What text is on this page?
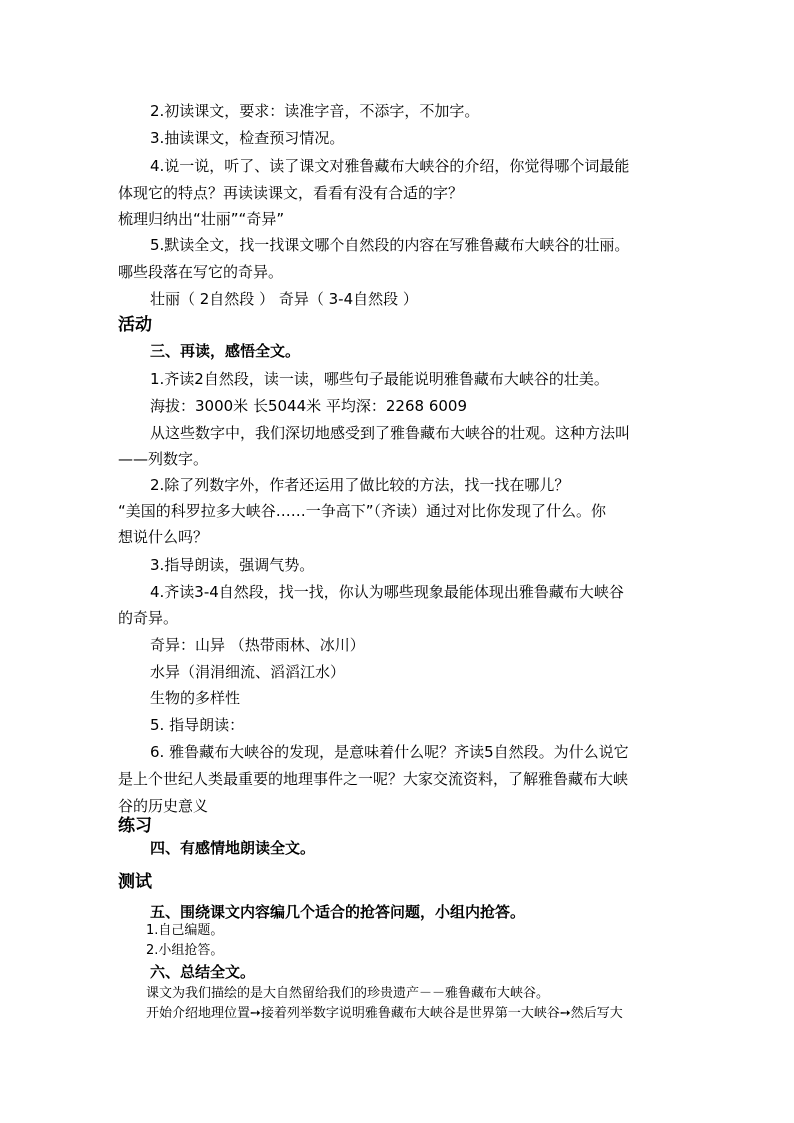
2.初读课文，要求：读准字音，不添字，不加字。
3.抽读课文，检查预习情况。
4.说一说，听了、读了课文对雅鲁藏布大峡谷的介绍，你觉得哪个词最能
体现它的特点？再读读课文，看看有没有合适的字？
梳理归纳出“壮丽”“奇异”
5.默读全文，找一找课文哪个自然段的内容在写雅鲁藏布大峡谷的壮丽。
哪些段落在写它的奇异。
壮丽（ 2自然段 ） 奇异（ 3-4自然段 ）
活动
三、再读，感悟全文。
1.齐读2自然段，读一读，哪些句子最能说明雅鲁藏布大峡谷的壮美。
海拔：3000米 长5044米 平均深：2268 6009
从这些数字中，我们深切地感受到了雅鲁藏布大峡谷的壮观。这种方法叫
——列数字。
2.除了列数字外，作者还运用了做比较的方法，找一找在哪儿？
“美国的科罗拉多大峡谷……一争高下”（齐读）通过对比你发现了什么。你
想说什么吗？
3.指导朗读，强调气势。
4.齐读3-4自然段，找一找，你认为哪些现象最能体现出雅鲁藏布大峡谷
的奇异。
奇异：山异 （热带雨林、冰川）
水异（涓涓细流、滔滔江水）
生物的多样性
5. 指导朗读：
6. 雅鲁藏布大峡谷的发现，是意味着什么呢？齐读5自然段。为什么说它
是上个世纪人类最重要的地理事件之一呢？大家交流资料，了解雅鲁藏布大峡
谷的历史意义
练习
四、有感情地朗读全文。
测试
五、围绕课文内容编几个适合的抢答问题，小组内抢答。
1.自己编题。
2.小组抢答。
六、总结全文。
课文为我们描绘的是大自然留给我们的珍贵遗产－－雅鲁藏布大峡谷。
开始介绍地理位置➙接着列举数字说明雅鲁藏布大峡谷是世界第一大峡谷➙然后写大
